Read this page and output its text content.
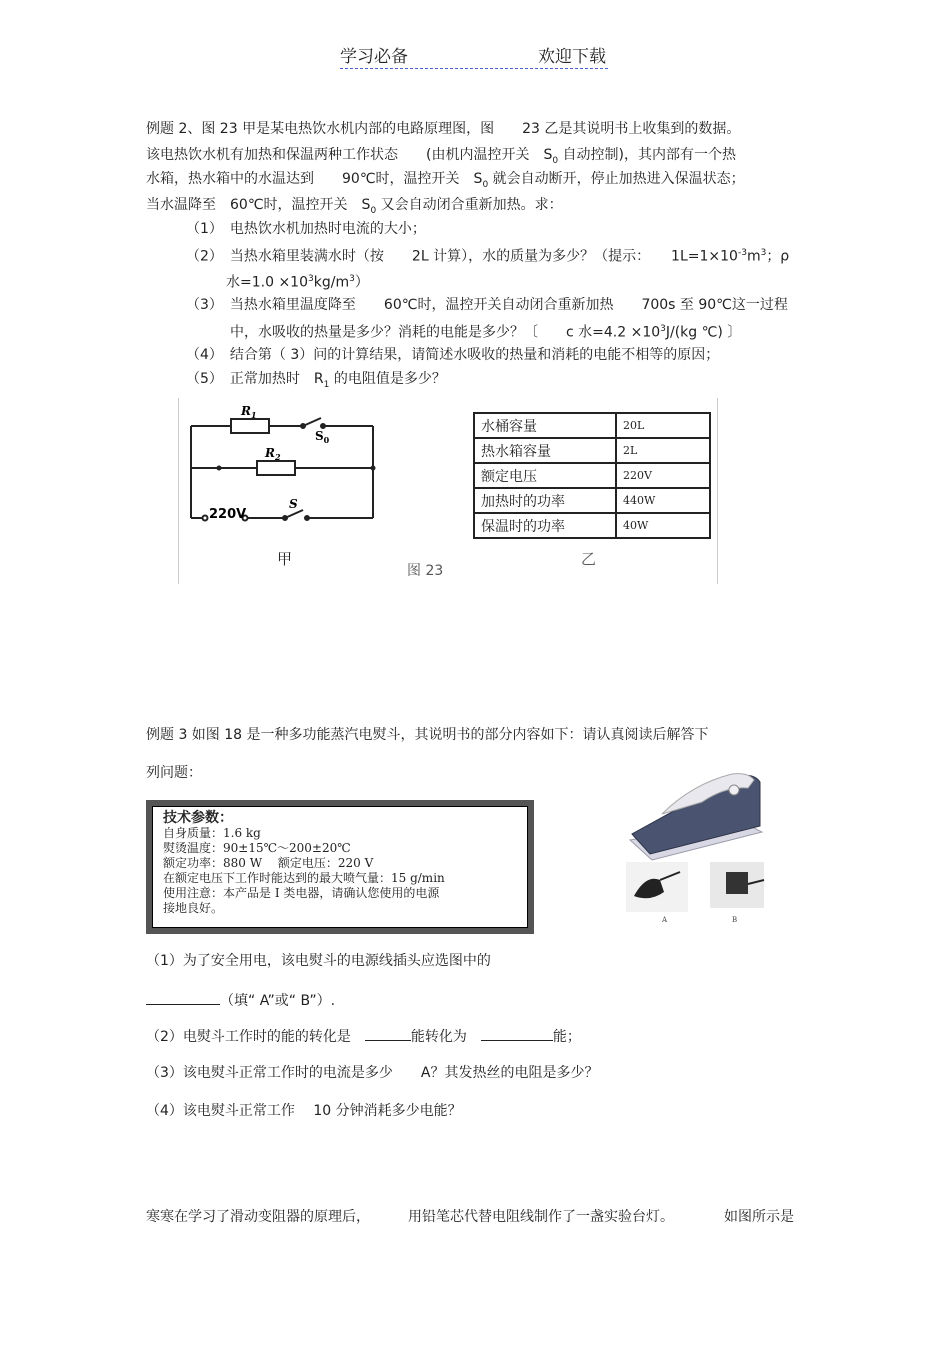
学习必备	欢迎下载
例题 2、图 23 甲是某电热饮水机内部的电路原理图，图　　23 乙是其说明书上收集到的数据。
该电热饮水机有加热和保温两种工作状态　　(由机内温控开关　$S_0$ 自动控制)，其内部有一个热
水箱，热水箱中的水温达到　　90℃时，温控开关　$S_0$ 就会自动断开，停止加热进入保温状态；
当水温降至　60℃时，温控开关　$S_0$ 又会自动闭合重新加热。求：
（1）　电热饮水机加热时电流的大小；
（2）　当热水箱里装满水时（按　　2L 计算），水的质量为多少？（提示：　　$1L=1\times 10^{-3}m^3$；ρ
水$=1.0 \times 10^3kg/m^3$）
（3）　当热水箱里温度降至　　60℃时，温控开关自动闭合重新加热　　700s 至 90℃这一过程
中，水吸收的热量是多少？消耗的电能是多少？〔　　c 水$=4.2 \times 10^3J/(kg$ ℃) 〕
（4）　结合第（ 3）问的计算结果，请简述水吸收的热量和消耗的电能不相等的原因；
（5）　正常加热时　$R_1$ 的电阻值是多少？
$R_1$
$R_2$
$S_0$
S
220V
甲
图 23
乙
水桶容量	20L
热水箱容量	2L
额定电压	220V
加热时的功率	440W
保温时的功率	40W
例题 3 如图 18 是一种多功能蒸汽电熨斗，其说明书的部分内容如下：请认真阅读后解答下
列问题：
技术参数：
自身质量：1.6 kg
熨烫温度：90±15℃～200±20℃
额定功率：880 W　 额定电压：220 V
在额定电压下工作时能达到的最大喷气量：15 g/min
使用注意：本产品是 I 类电器，请确认您使用的电源
接地良好。
A	B
（1）为了安全用电，该电熨斗的电源线插头应选图中的
（填“ A”或“ B”）.
（2）电熨斗工作时的能的转化是　	能转化为　	能；
（3）该电熨斗正常工作时的电流是多少　　A？其发热丝的电阻是多少？
（4）该电熨斗正常工作　 10 分钟消耗多少电能？
寒寒在学习了滑动变阻器的原理后，	用铅笔芯代替电阻线制作了一盏实验台灯。	如图所示是
